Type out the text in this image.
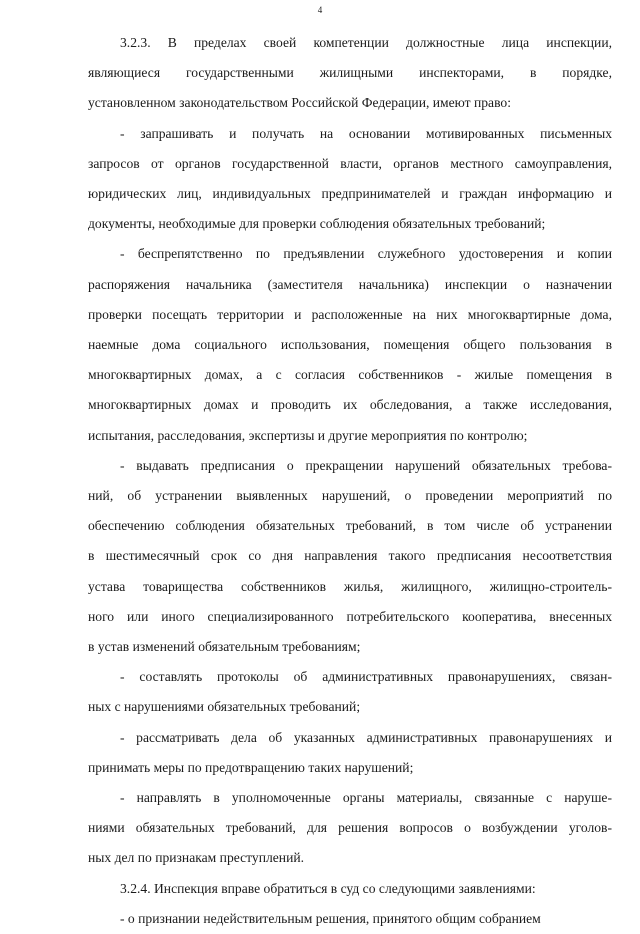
4

3.2.3. В пределах своей компетенции должностные лица инспекции,
являющиеся государственными жилищными инспекторами, в порядке,
установленном законодательством Российской Федерации, имеют право:

- запрашивать и получать на основании мотивированных письменных
запросов от органов государственной власти, органов местного самоуправления,
юридических лиц, индивидуальных предпринимателей и граждан информацию и
документы, необходимые для проверки соблюдения обязательных требований;

- беспрепятственно по предъявлении служебного удостоверения и копии
распоряжения начальника (заместителя начальника) инспекции о назначении
проверки посещать территории и расположенные на них многоквартирные дома,
наемные дома социального использования, помещения общего пользования в
многоквартирных домах, а с согласия собственников - жилые помещения в
многоквартирных домах и проводить их обследования, а также исследования,
испытания, расследования, экспертизы и другие мероприятия по контролю;

- выдавать предписания о прекращении нарушений обязательных требова-
ний, об устранении выявленных нарушений, о проведении мероприятий по
обеспечению соблюдения обязательных требований, в том числе об устранении
в шестимесячный срок со дня направления такого предписания несоответствия
устава товарищества собственников жилья, жилищного, жилищно-строитель-
ного или иного специализированного потребительского кооператива, внесенных
в устав изменений обязательным требованиям;

- составлять протоколы об административных правонарушениях, связан-
ных с нарушениями обязательных требований;

- рассматривать дела об указанных административных правонарушениях и
принимать меры по предотвращению таких нарушений;

- направлять в уполномоченные органы материалы, связанные с наруше-
ниями обязательных требований, для решения вопросов о возбуждении уголов-
ных дел по признакам преступлений.

3.2.4. Инспекция вправе обратиться в суд со следующими заявлениями:

- о признании недействительным решения, принятого общим собранием
